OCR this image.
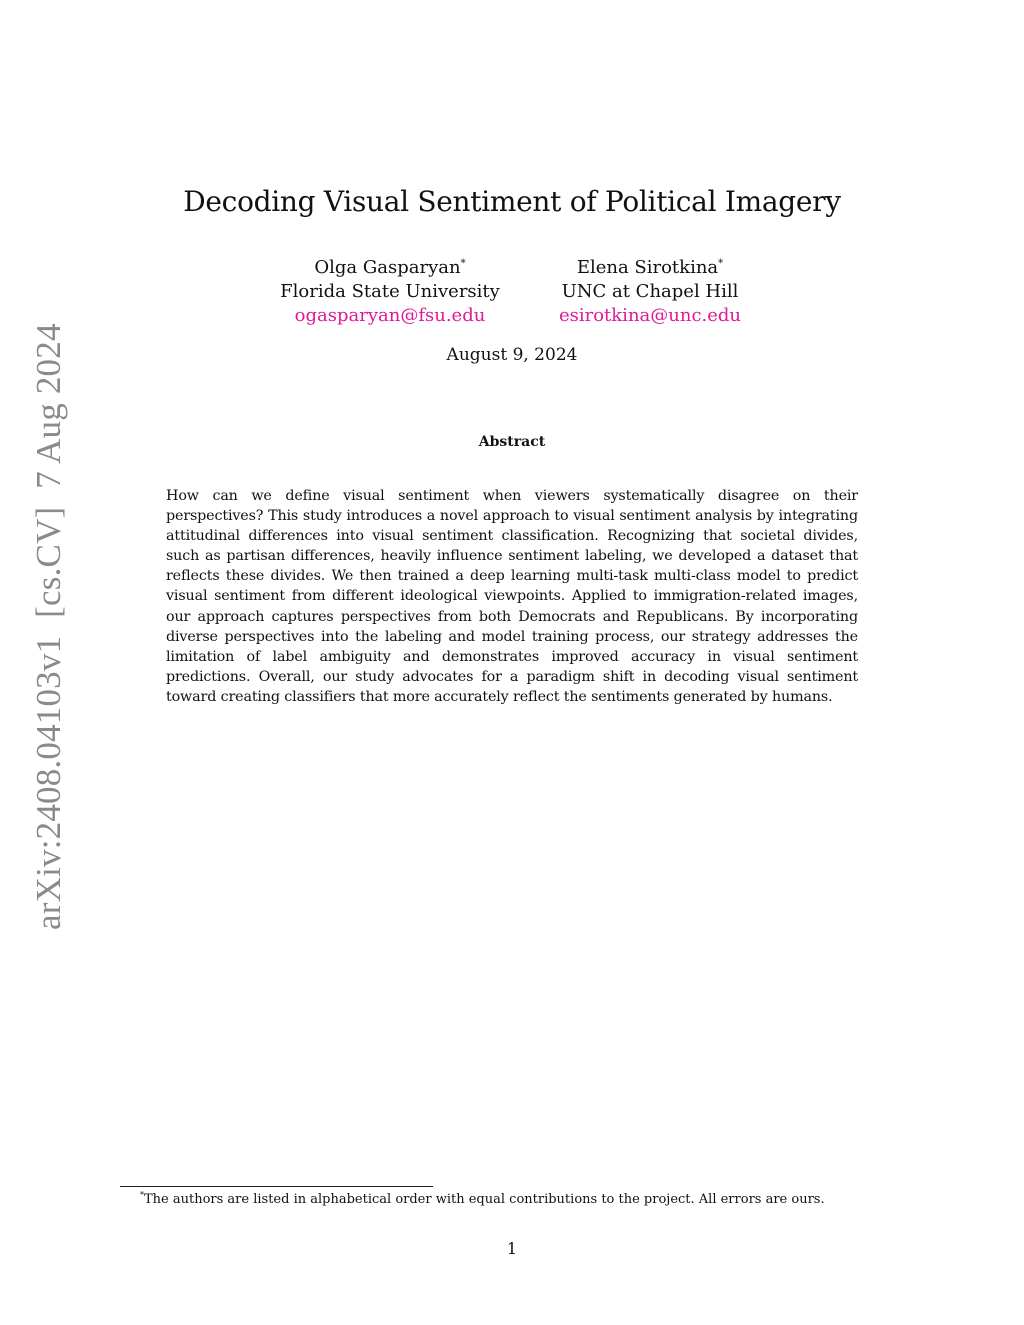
arXiv:2408.04103v1  [cs.CV]  7 Aug 2024
Decoding Visual Sentiment of Political Imagery
Olga Gasparyan*
Florida State University
ogasparyan@fsu.edu
Elena Sirotkina*
UNC at Chapel Hill
esirotkina@unc.edu
August 9, 2024
Abstract
How can we define visual sentiment when viewers systematically disagree on their perspectives? This study introduces a novel approach to visual sentiment analysis by integrating attitudinal differences into visual sentiment classification. Recognizing that societal divides, such as partisan differences, heavily influence sentiment labeling, we developed a dataset that reflects these divides. We then trained a deep learning multi-task multi-class model to predict visual sentiment from different ideological viewpoints. Applied to immigration-related images, our approach captures perspectives from both Democrats and Republicans. By incorporating diverse perspectives into the labeling and model training process, our strategy addresses the limitation of label ambiguity and demonstrates improved accuracy in visual sentiment predictions. Overall, our study advocates for a paradigm shift in decoding visual sentiment toward creating classifiers that more accurately reflect the sentiments generated by humans.
*The authors are listed in alphabetical order with equal contributions to the project. All errors are ours.
1
